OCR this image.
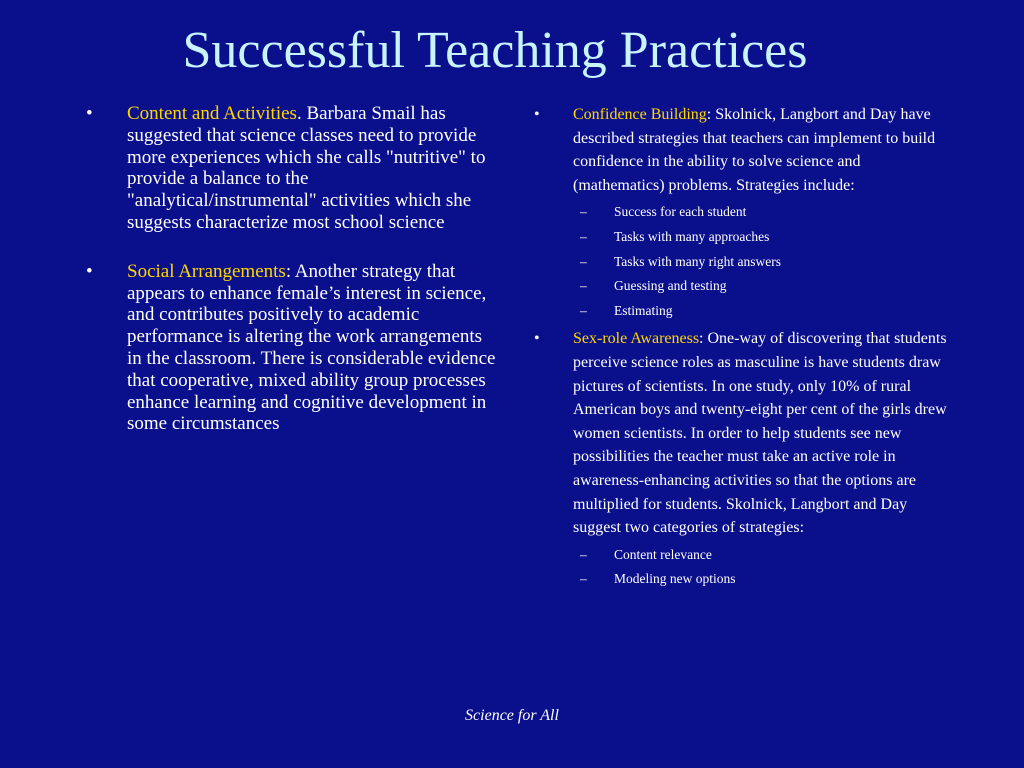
Successful Teaching Practices
•	Content and Activities. Barbara Smail has suggested that science classes need to provide more experiences which she calls "nutritive" to provide a balance to the "analytical/instrumental" activities which she suggests characterize most school science
•	Social Arrangements: Another strategy that appears to enhance female’s interest in science, and contributes positively to academic performance is altering the work arrangements in the classroom. There is considerable evidence that cooperative, mixed ability group processes enhance learning and cognitive development in some circumstances
•	Confidence Building: Skolnick, Langbort and Day have described strategies that teachers can implement to build confidence in the ability to solve science and (mathematics) problems. Strategies include:
–	Success for each student
–	Tasks with many approaches
–	Tasks with many right answers
–	Guessing and testing
–	Estimating
•	Sex-role Awareness: One-way of discovering that students perceive science roles as masculine is have students draw pictures of scientists. In one study, only 10% of rural American boys and twenty-eight per cent of the girls drew women scientists. In order to help students see new possibilities the teacher must take an active role in awareness-enhancing activities so that the options are multiplied for students. Skolnick, Langbort and Day suggest two categories of strategies:
–	Content relevance
–	Modeling new options
Science for All
